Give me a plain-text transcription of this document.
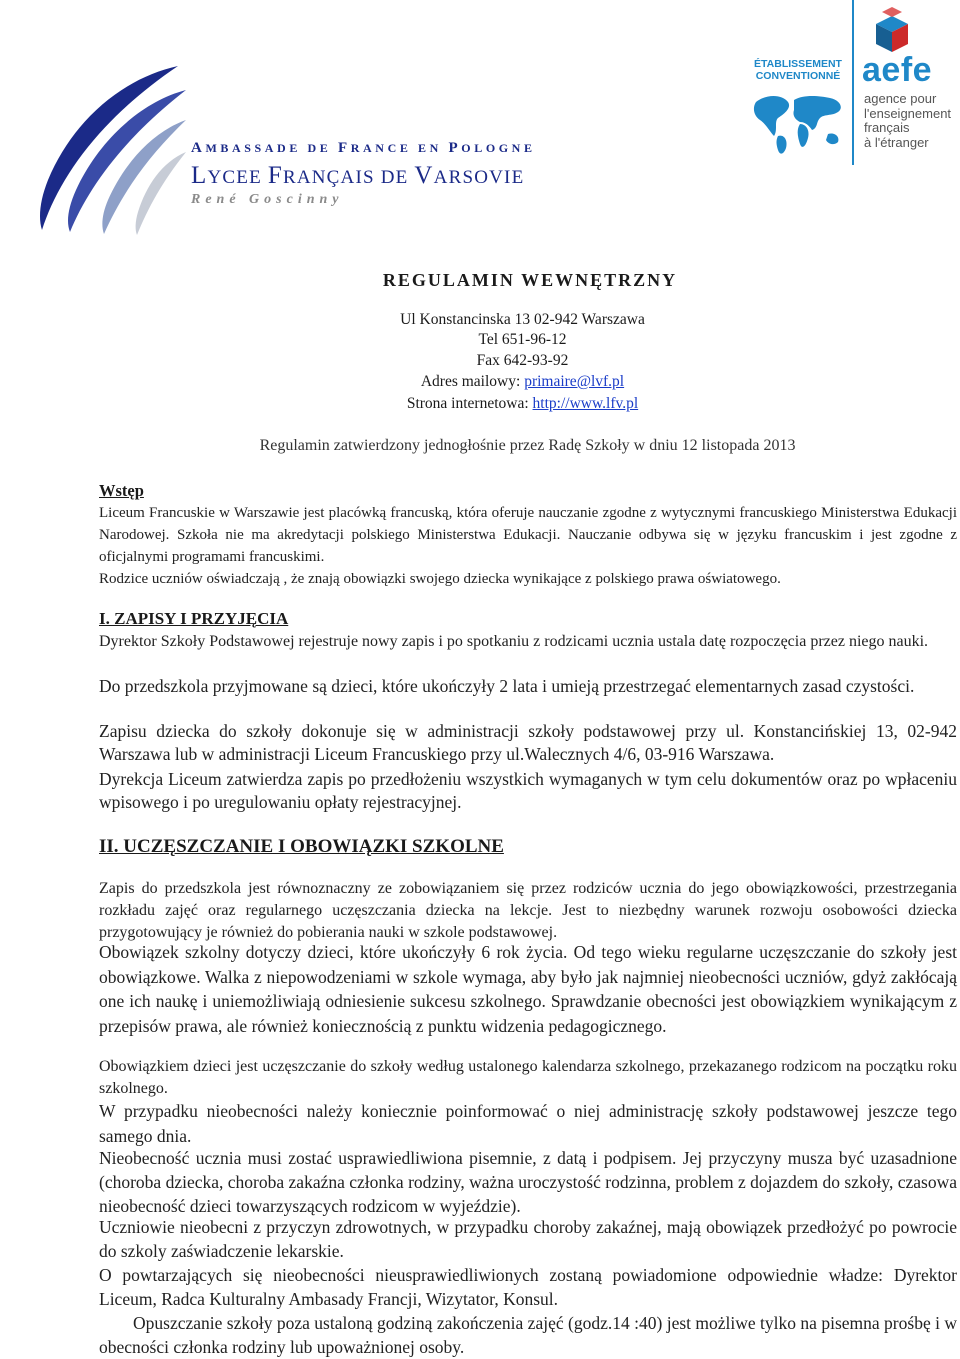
AMBASSADE DE FRANCE EN POLOGNE
LYCEE FRANÇAIS DE VARSOVIE
René Goscinny
ÉTABLISSEMENT
CONVENTIONNÉ aefe
agence pour
l'enseignement
français
à l'étranger
REGULAMIN WEWNĘTRZNY
Ul Konstancinska 13 02-942 Warszawa
Tel 651-96-12
Fax 642-93-92
Adres mailowy: primaire@lvf.pl
Strona internetowa: http://www.lfv.pl
Regulamin zatwierdzony jednogłośnie przez Radę Szkoły w dniu 12 listopada 2013
Wstęp

Liceum Francuskie w Warszawie jest placówką francuską, która oferuje nauczanie zgodne z wytycznymi francuskiego Ministerstwa Edukacji Narodowej. Szkoła nie ma akredytacji polskiego Ministerstwa Edukacji. Nauczanie odbywa się w języku francuskim i jest zgodne z oficjalnymi programami francuskimi.

Rodzice uczniów oświadczają , że znają obowiązki swojego dziecka wynikające z polskiego prawa oświatowego.

I. ZAPISY I PRZYJĘCIA

Dyrektor Szkoły Podstawowej rejestruje nowy zapis i po spotkaniu z rodzicami ucznia ustala datę rozpoczęcia przez niego nauki.

Do przedszkola przyjmowane są dzieci, które ukończyły 2 lata i umieją przestrzegać elementarnych zasad czystości.

Zapisu dziecka do szkoły dokonuje się w administracji szkoły podstawowej przy ul. Konstancińskiej 13, 02-942 Warszawa lub w administracji Liceum Francuskiego przy ul.Walecznych 4/6, 03-916 Warszawa.

Dyrekcja Liceum zatwierdza zapis po przedłożeniu wszystkich wymaganych w tym celu dokumentów oraz po wpłaceniu wpisowego i po uregulowaniu opłaty rejestracyjnej.

II. UCZĘSZCZANIE I OBOWIĄZKI SZKOLNE

Zapis do przedszkola jest równoznaczny ze zobowiązaniem się przez rodziców ucznia do jego obowiązkowości, przestrzegania rozkładu zajęć oraz regularnego uczęszczania dziecka na lekcje. Jest to niezbędny warunek rozwoju osobowości dziecka przygotowujący je również do pobierania nauki w szkole podstawowej.

Obowiązek szkolny dotyczy dzieci, które ukończyły 6 rok życia. Od tego wieku regularne uczęszczanie do szkoły jest obowiązkowe. Walka z niepowodzeniami w szkole wymaga, aby było jak najmniej nieobecności uczniów, gdyż zakłócają one ich naukę i uniemożliwiają odniesienie sukcesu szkolnego. Sprawdzanie obecności jest obowiązkiem wynikającym z przepisów prawa, ale również koniecznością z punktu widzenia pedagogicznego.

Obowiązkiem dzieci jest uczęszczanie do szkoły według ustalonego kalendarza szkolnego, przekazanego rodzicom na początku roku szkolnego.

W przypadku nieobecności należy koniecznie poinformować o niej administrację szkoły podstawowej jeszcze tego samego dnia.

Nieobecność ucznia musi zostać usprawiedliwiona pisemnie, z datą i podpisem. Jej przyczyny musza być uzasadnione (choroba dziecka, choroba zakaźna członka rodziny, ważna uroczystość rodzinna, problem z dojazdem do szkoły, czasowa nieobecność dzieci towarzyszących rodzicom w wyjeździe).

Uczniowie nieobecni z przyczyn zdrowotnych, w przypadku choroby zakaźnej, mają obowiązek przedłożyć po powrocie do szkoly zaświadczenie lekarskie.

O powtarzających się nieobecności nieusprawiedliwionych zostaną powiadomione odpowiednie władze: Dyrektor Liceum, Radca Kulturalny Ambasady Francji, Wizytator, Konsul.

Opuszczanie szkoły poza ustaloną godziną zakończenia zajęć (godz.14 :40) jest możliwe tylko na pisemna prośbę i w obecności członka rodziny lub upoważnionej osoby.
